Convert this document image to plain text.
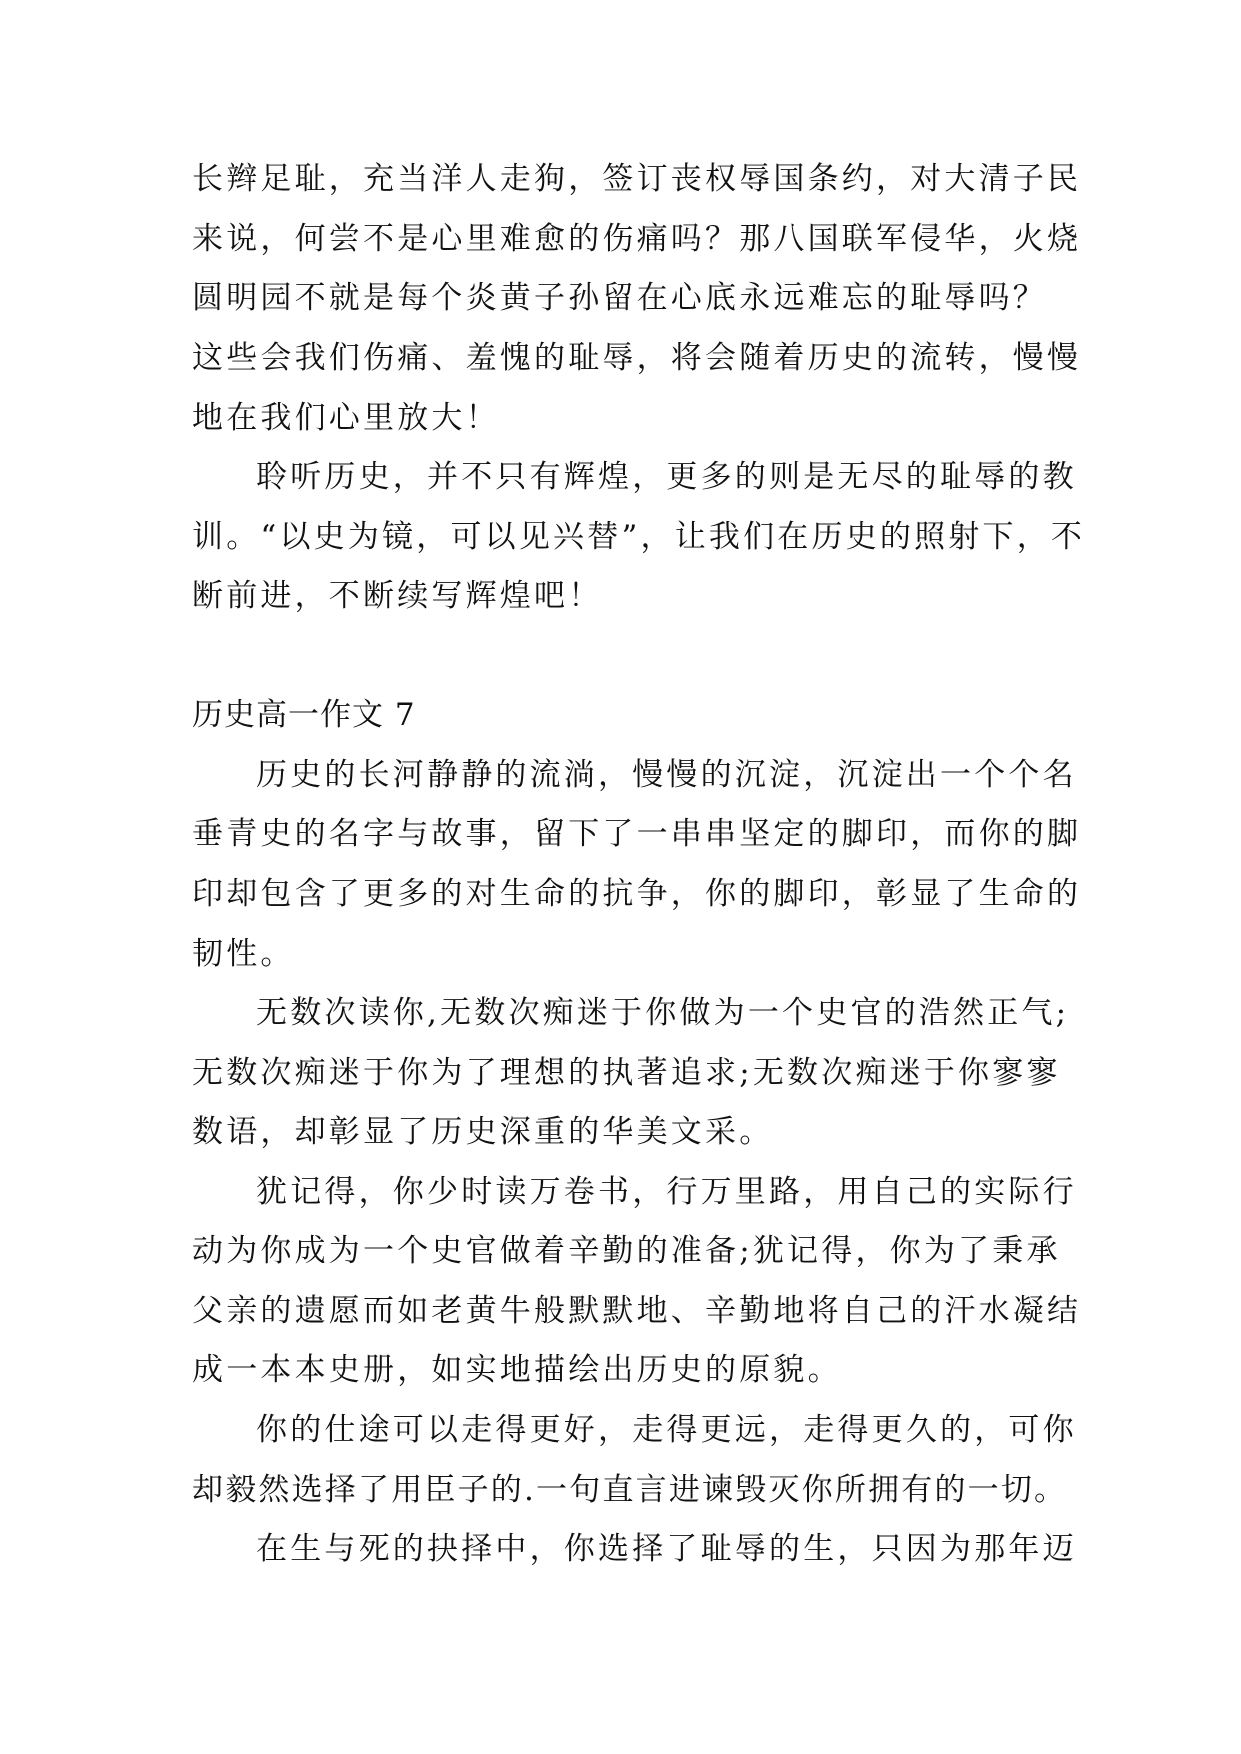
长辫足耻，充当洋人走狗，签订丧权辱国条约，对大清子民
来说，何尝不是心里难愈的伤痛吗？那八国联军侵华，火烧
圆明园不就是每个炎黄子孙留在心底永远难忘的耻辱吗？
这些会我们伤痛、羞愧的耻辱，将会随着历史的流转，慢慢
地在我们心里放大！
聆听历史，并不只有辉煌，更多的则是无尽的耻辱的教
训。“以史为镜，可以见兴替”，让我们在历史的照射下，不
断前进，不断续写辉煌吧！
历史高一作文 7
历史的长河静静的流淌，慢慢的沉淀，沉淀出一个个名
垂青史的名字与故事，留下了一串串坚定的脚印，而你的脚
印却包含了更多的对生命的抗争，你的脚印，彰显了生命的
韧性。
无数次读你,无数次痴迷于你做为一个史官的浩然正气;
无数次痴迷于你为了理想的执著追求;无数次痴迷于你寥寥
数语，却彰显了历史深重的华美文采。
犹记得，你少时读万卷书，行万里路，用自己的实际行
动为你成为一个史官做着辛勤的准备;犹记得，你为了秉承
父亲的遗愿而如老黄牛般默默地、辛勤地将自己的汗水凝结
成一本本史册，如实地描绘出历史的原貌。
你的仕途可以走得更好，走得更远，走得更久的，可你
却毅然选择了用臣子的.一句直言进谏毁灭你所拥有的一切。
在生与死的抉择中，你选择了耻辱的生，只因为那年迈
